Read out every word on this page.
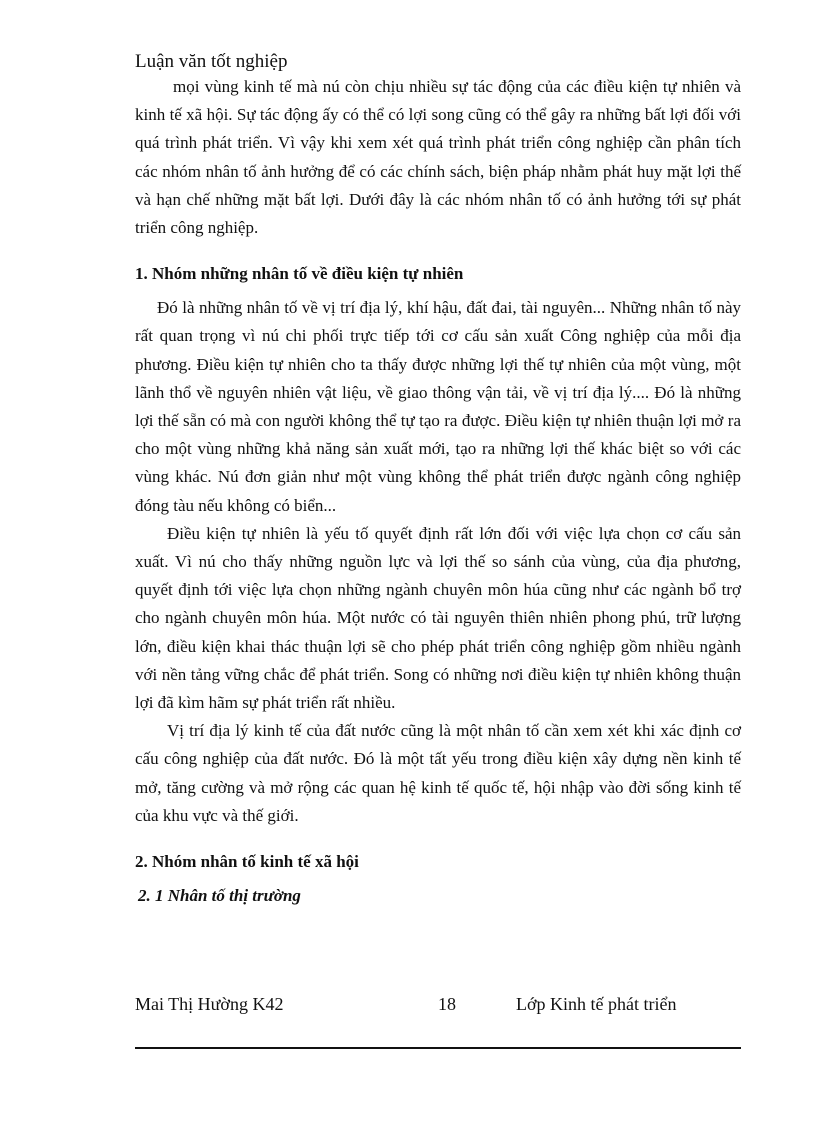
Luận văn tốt nghiệp

mọi vùng kinh tế mà nú còn chịu nhiều sự tác động của các điều kiện tự nhiên và kinh tế xã hội. Sự tác động ấy có thể có lợi song cũng có thể gây ra những bất lợi đối với quá trình phát triển. Vì vậy khi xem xét quá trình phát triển công nghiệp cần phân tích các nhóm nhân tố ảnh hưởng để có các chính sách, biện pháp nhằm phát huy mặt lợi thế và hạn chế những mặt bất lợi. Dưới đây là các nhóm nhân tố có ảnh hưởng tới sự phát triển công nghiệp.

1. Nhóm những nhân tố về điều kiện tự nhiên

Đó là những nhân tố về vị trí địa lý, khí hậu, đất đai, tài nguyên... Những nhân tố này rất quan trọng vì nú chi phối trực tiếp tới cơ cấu sản xuất Công nghiệp của mỗi địa phương. Điều kiện tự nhiên cho ta thấy được những lợi thế tự nhiên của một vùng, một lãnh thổ về nguyên nhiên vật liệu, về giao thông vận tải, về vị trí địa lý.... Đó là những lợi thế sẵn có mà con người không thể tự tạo ra được. Điều kiện tự nhiên thuận lợi mở ra cho một vùng những khả năng sản xuất mới, tạo ra những lợi thế khác biệt so với các vùng khác. Nú đơn giản như một vùng không thể phát triển được ngành công nghiệp đóng tàu nếu không có biển...

Điều kiện tự nhiên là yếu tố quyết định rất lớn đối với việc lựa chọn cơ cấu sản xuất. Vì nú cho thấy những nguồn lực và lợi thế so sánh của vùng, của địa phương, quyết định tới việc lựa chọn những ngành chuyên môn húa cũng như các ngành bổ trợ cho ngành chuyên môn húa. Một nước có tài nguyên thiên nhiên phong phú, trữ lượng lớn, điều kiện khai thác thuận lợi sẽ cho phép phát triển công nghiệp gồm nhiều ngành với nền tảng vững chắc để phát triển. Song có những nơi điều kiện tự nhiên không thuận lợi đã kìm hãm sự phát triển rất nhiều.

Vị trí địa lý kinh tế của đất nước cũng là một nhân tố cần xem xét khi xác định cơ cấu công nghiệp của đất nước. Đó là một tất yếu trong điều kiện xây dựng nền kinh tế mở, tăng cường và mở rộng các quan hệ kinh tế quốc tế, hội nhập vào đời sống kinh tế của khu vực và thế giới.

2. Nhóm nhân tố kinh tế xã hội
2. 1 Nhân tố thị trường
Mai Thị Hường K42	18	Lớp Kinh tế phát triển
